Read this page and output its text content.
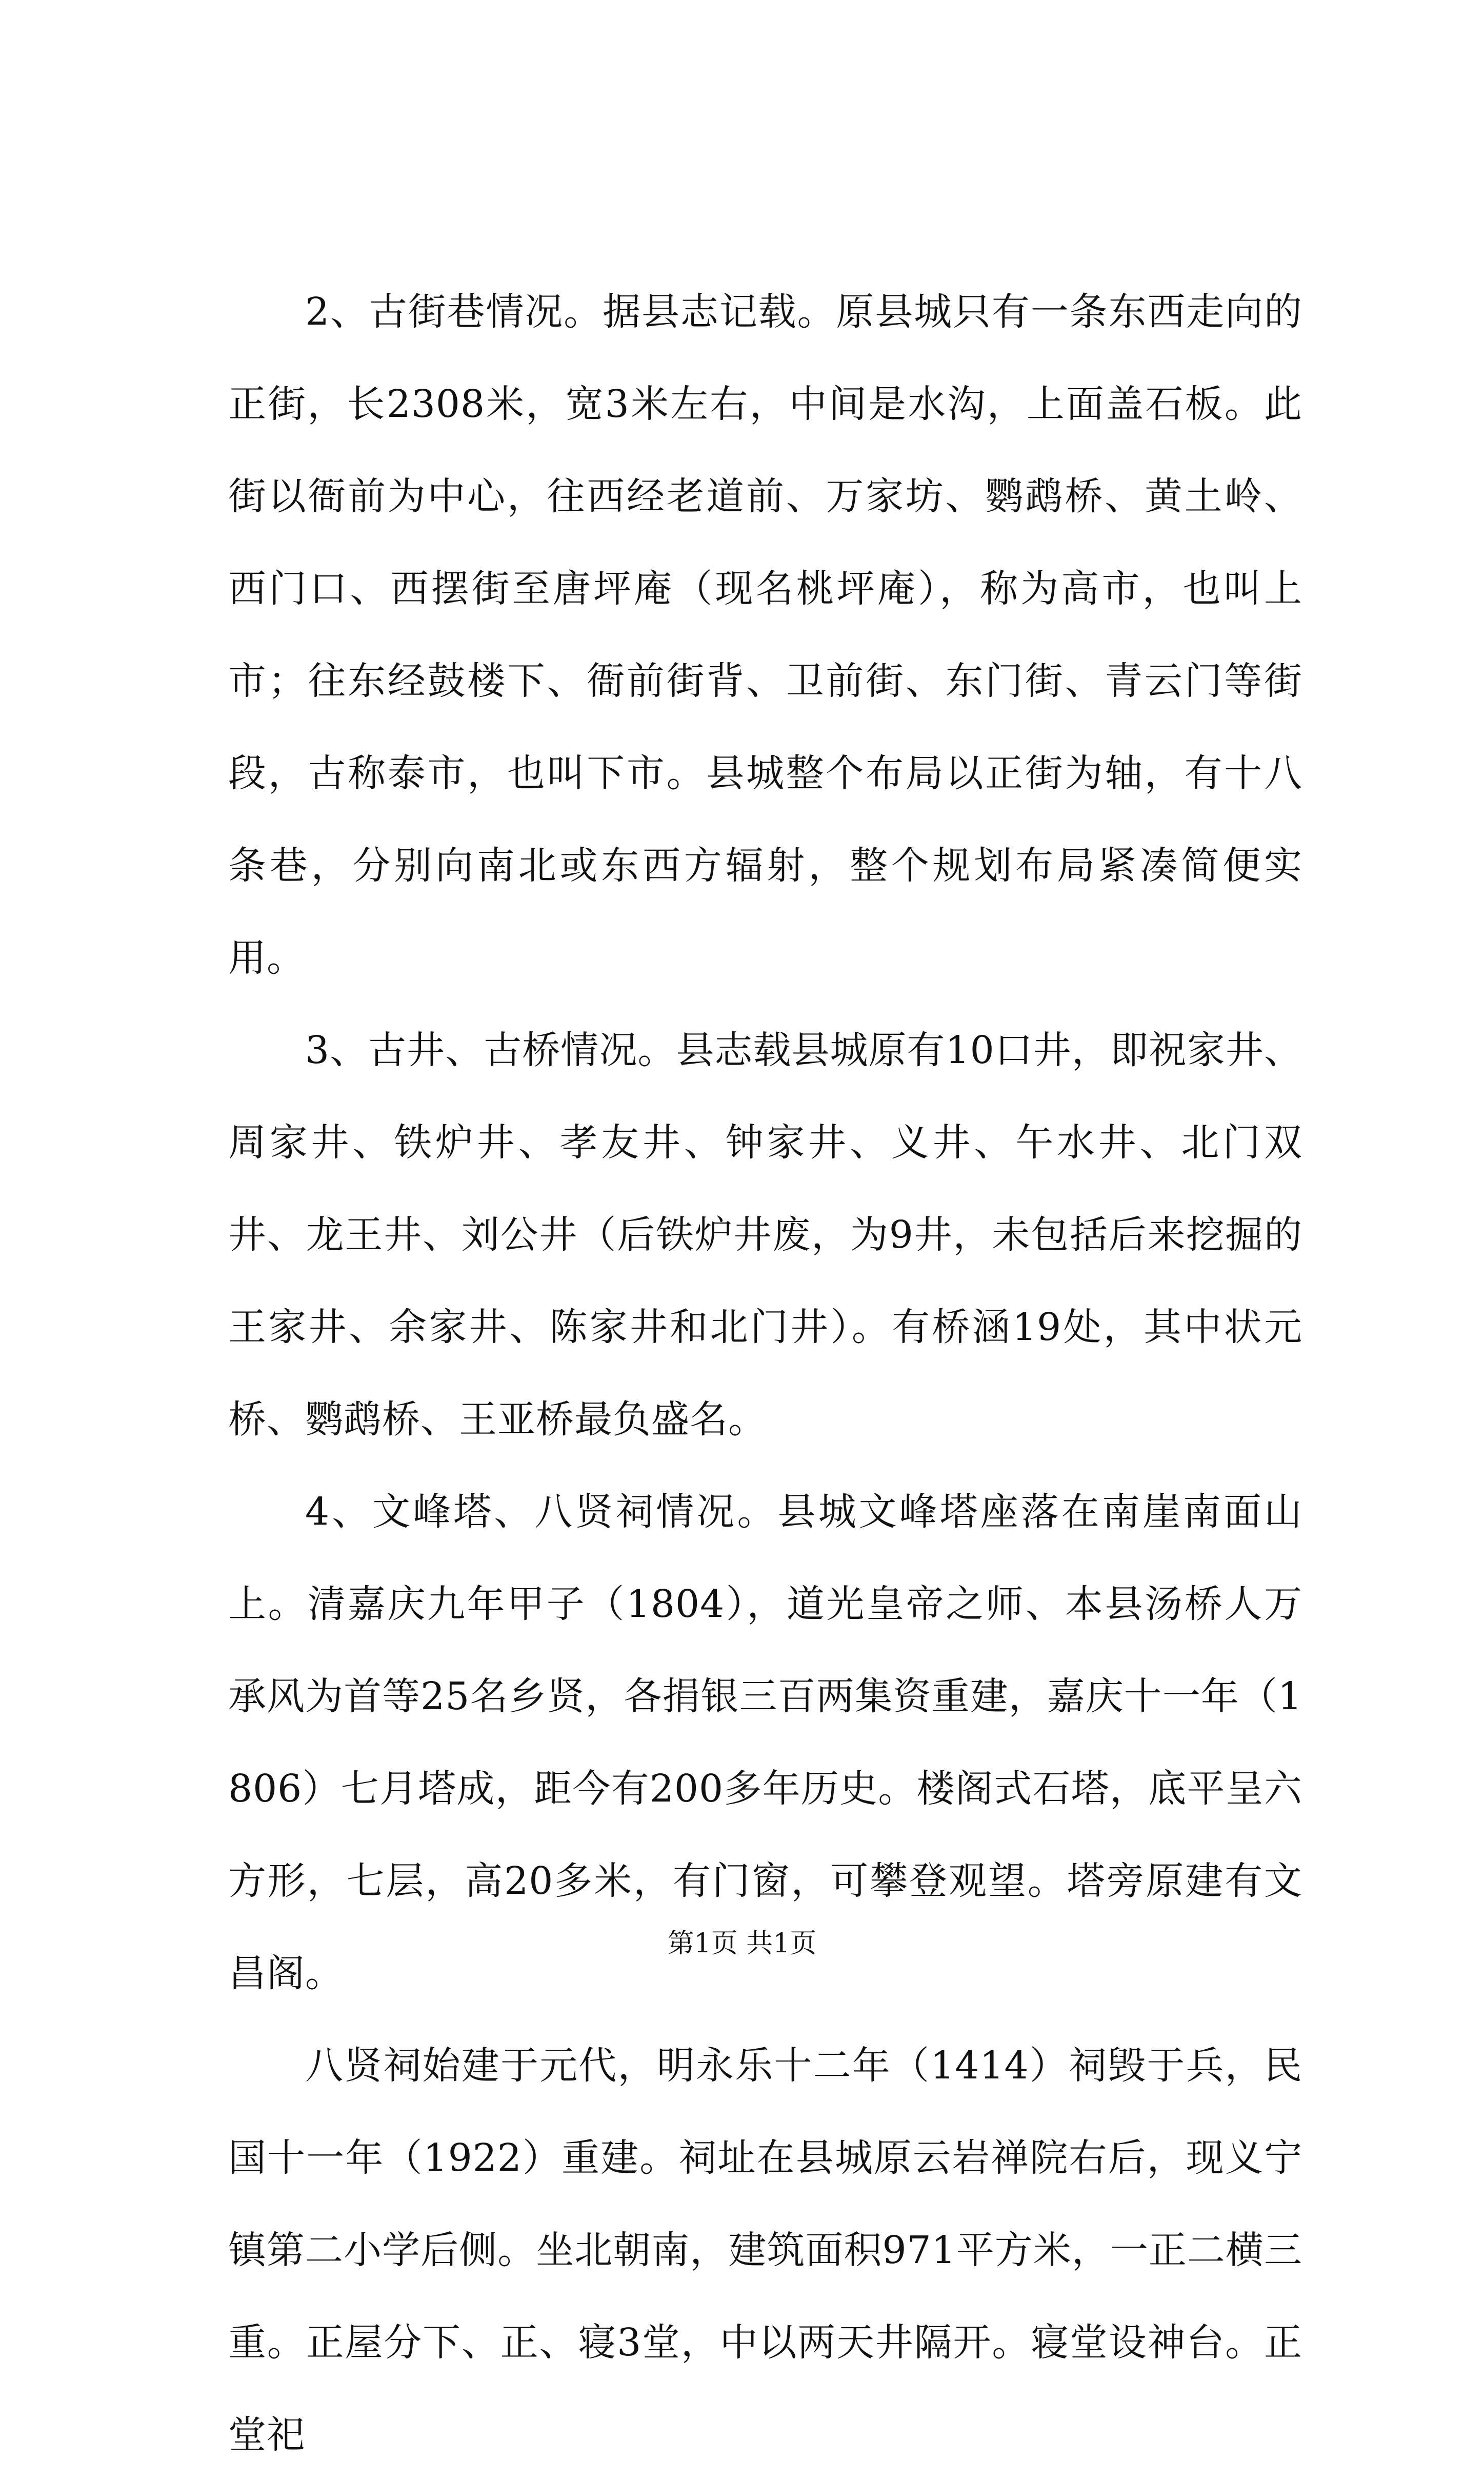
2、古街巷情况。据县志记载。原县城只有一条东西走向的正街，长2308米，宽3米左右，中间是水沟，上面盖石板。此街以衙前为中心，往西经老道前、万家坊、鹦鹉桥、黄土岭、西门口、西摆街至唐坪庵（现名桃坪庵），称为高市，也叫上市；往东经鼓楼下、衙前街背、卫前街、东门街、青云门等街段，古称泰市，也叫下市。县城整个布局以正街为轴，有十八条巷，分别向南北或东西方辐射，整个规划布局紧凑简便实用。

3、古井、古桥情况。县志载县城原有10口井，即祝家井、周家井、铁炉井、孝友井、钟家井、义井、午水井、北门双井、龙王井、刘公井（后铁炉井废，为9井，未包括后来挖掘的王家井、余家井、陈家井和北门井）。有桥涵19处，其中状元桥、鹦鹉桥、王亚桥最负盛名。

4、文峰塔、八贤祠情况。县城文峰塔座落在南崖南面山上。清嘉庆九年甲子（1804），道光皇帝之师、本县汤桥人万承风为首等25名乡贤，各捐银三百两集资重建，嘉庆十一年（1806）七月塔成，距今有200多年历史。楼阁式石塔，底平呈六方形，七层，高20多米，有门窗，可攀登观望。塔旁原建有文昌阁。

八贤祠始建于元代，明永乐十二年（1414）祠毁于兵，民国十一年（1922）重建。祠址在县城原云岩禅院右后，现义宁镇第二小学后侧。坐北朝南，建筑面积971平方米，一正二横三重。正屋分下、正、寝3堂，中以两天井隔开。寝堂设神台。正堂祀

第1页 共1页
